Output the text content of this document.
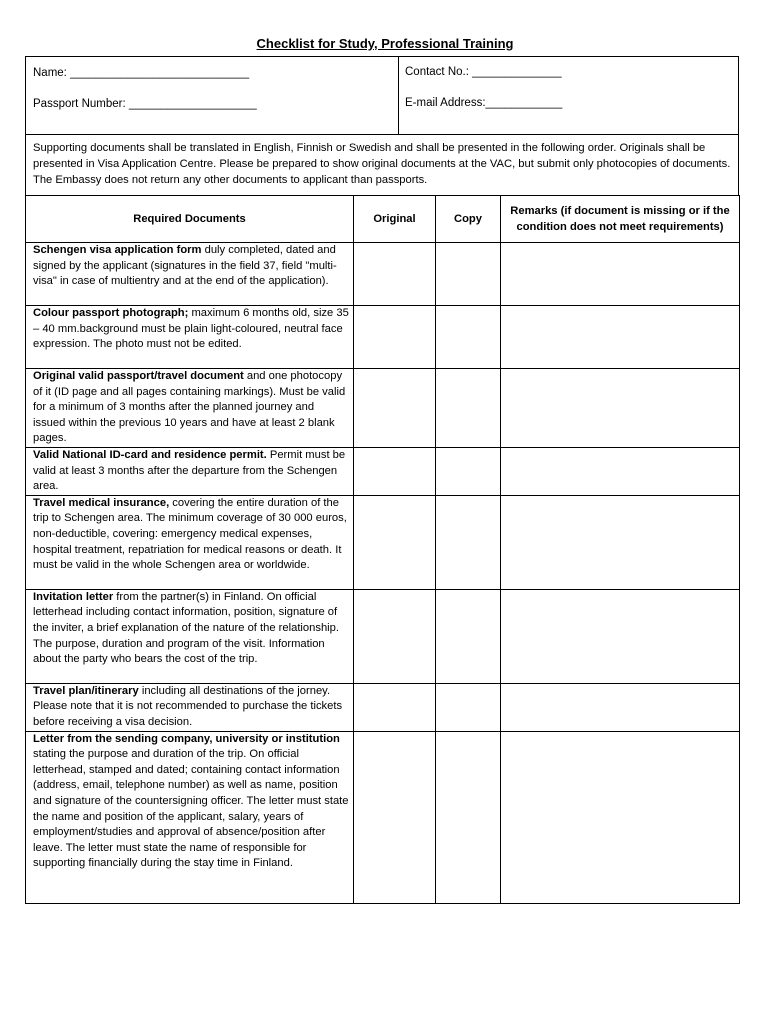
Checklist for Study, Professional Training
Name: ____________________________	Contact No.: ______________
Passport Number: ____________________	E-mail Address:____________
Supporting documents shall be translated in English, Finnish or Swedish and shall be presented in the following order. Originals shall be presented in Visa Application Centre. Please be prepared to show original documents at the VAC, but submit only photocopies of documents. The Embassy does not return any other documents to applicant than passports.
Required Documents	Original	Copy	Remarks (if document is missing or if the condition does not meet requirements)
Schengen visa application form duly completed, dated and signed by the applicant (signatures in the field 37, field "multi-visa" in case of multientry and at the end of the application).			
Colour passport photograph; maximum 6 months old, size 35 – 40 mm.background must be plain light-coloured, neutral face expression. The photo must not be edited.			
Original valid passport/travel document and one photocopy of it (ID page and all pages containing markings). Must be valid for a minimum of 3 months after the planned journey and issued within the previous 10 years and have at least 2 blank pages.			
Valid National ID-card and residence permit. Permit must be valid at least 3 months after the departure from the Schengen area.			
Travel medical insurance, covering the entire duration of the trip to Schengen area. The minimum coverage of 30 000 euros, non-deductible, covering: emergency medical expenses, hospital treatment, repatriation for medical reasons or death. It must be valid in the whole Schengen area or worldwide.			
Invitation letter from the partner(s) in Finland. On official letterhead including contact information, position, signature of the inviter, a brief explanation of the nature of the relationship. The purpose, duration and program of the visit. Information about the party who bears the cost of the trip.			
Travel plan/itinerary including all destinations of the jorney. Please note that it is not recommended to purchase the tickets before receiving a visa decision.			
Letter from the sending company, university or institution stating the purpose and duration of the trip. On official letterhead, stamped and dated; containing contact information (address, email, telephone number) as well as name, position and signature of the countersigning officer. The letter must state the name and position of the applicant, salary, years of employment/studies and approval of absence/position after leave. The letter must state the name of responsible for supporting financially during the stay time in Finland.			
